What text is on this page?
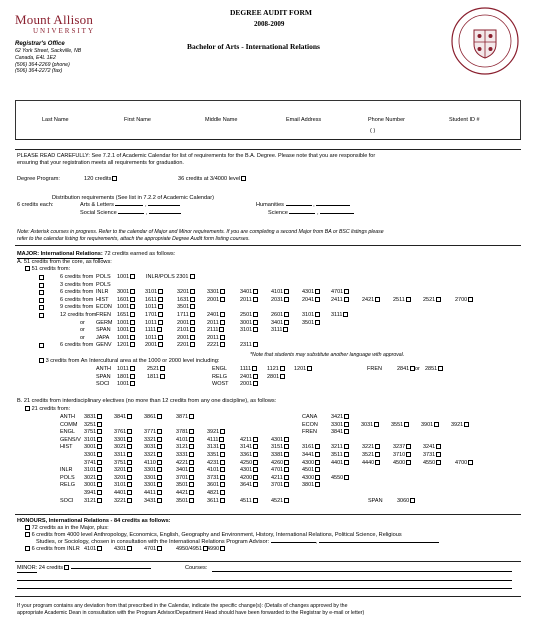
Mount Allison
UNIVERSITY
Registrar's Office
62 York Street, Sackville, NB
Canada, E4L 1E2
(506) 364-2269 (phone)
(506) 364-2272 (fax)
DEGREE AUDIT FORM
2008-2009
Bachelor of Arts - International Relations
Last Name	First Name	Middle Name	Email Address	Phone Number	Student ID #
( )
PLEASE READ CAREFULLY: See 7.2.1 of Academic Calendar for list of requirements for the B.A. Degree. Please note that you are responsible for
ensuring that your registration meets all requirements for graduation.
Degree Program:	120 credits	36 credits at 3/4000 level
Distribution requirements (See list in 7.2.2 of Academic Calendar)
6 credits each:	Arts & Letters	,
Social Science	,
Humanities	,
Science	,
Note: Asterisk courses in progress. Refer to the calendar of Major and Minor requirements. If you are completing a second Major from BA or BSC listings please
refer to the calendar listing for requirements, attach the appropriate Degree Audit form listing courses.
MAJOR: International Relations: 72 credits earned as follows:
A. 51 credits from the core, as follows:
51 credits from:
6 credits from POLS 1001	INLR/POLS 2301
3 credits from POLS
6 credits from INLR 3001	3101	3201	3301	3401	4101	4301	4701
6 credits from HIST 1601	1611	1631	2001	2011	2031	2041	2411	2421	2511	2521	2700
9 credits from ECON 1001	1011	3501
12 credits from FREN 1651	1701	1711	2401	2501	2601	3101	3111
or GERM 1001	1011	2001	2011	3001	3401	3501
or SPAN 1001	1111	2101	2111	3101	3111
or JAPA 1001	1011	2001	2011
6 credits from GENV 1201	2001	2201	2221	2311
*Note that students may substitute another language with approval.
3 credits from An Intercultural area at the 1000 or 2000 level including:
ANTH 1011	2521	ENGL 1111	1121	1201	FREN	2841	or 2851
SPAN 1801	1811	RELG 2401	2801
SOCI 1001	WOST 2001
B. 21 credits from interdisciplinary electives (no more than 12 credits from any one discipline), as follows:
21 credits from:
ANTH 3831	3841	3861	3871	CANA 3421
COMM 3251	ECON 3301	3031	3551	3901	3921
ENGL 3751	3761	3771	3781	3921	FREN	3841
GENS/V 3101	3301	3321	4101	4111	4211	4301
HIST 3001	3021	3031	3121	3131	3141	3151	3161	3211	3221	3237	3241
3301	3311	3321	3331	3351	3361	3381	3441	3511	3521	3710	3731
3741	3751	4110	4221	4231	4250	4260	4300	4401	4440	4500	4550	4700
INLR 3101	3201	3301	3401	4101	4301	4701	4501
POLS 3021	3201	3301	3701	3731	4200	4211	4300	4550
RELG 3001	3101	3301	3501	3601	3641	3701	3801
3941	4401	4411	4421	4821
SOCI 3121	3221	3431	3501	3611	4511	4521	SPAN	3060
HONOURS, International Relations - 84 credits as follows:
72 credits as in the Major, plus:
6 credits from 4000 level Anthropology, Economics, English, Geography and Environment, History, International Relations, Political Science, Religious
Studies, or Sociology, chosen in consultation with the International Relations Program Advisor:	,
6 credits from INLR 4101	4301	4701	4950/4951 4990
MINOR: 24 credits	Courses:
If your program contains any deviation from that prescribed in the Calendar, indicate the specific change(s): (Details of changes approved by the
appropriate Academic Dean in consultation with the Program Advisor/Department Head should have been forwarded to the Registrar by e-mail or letter)
